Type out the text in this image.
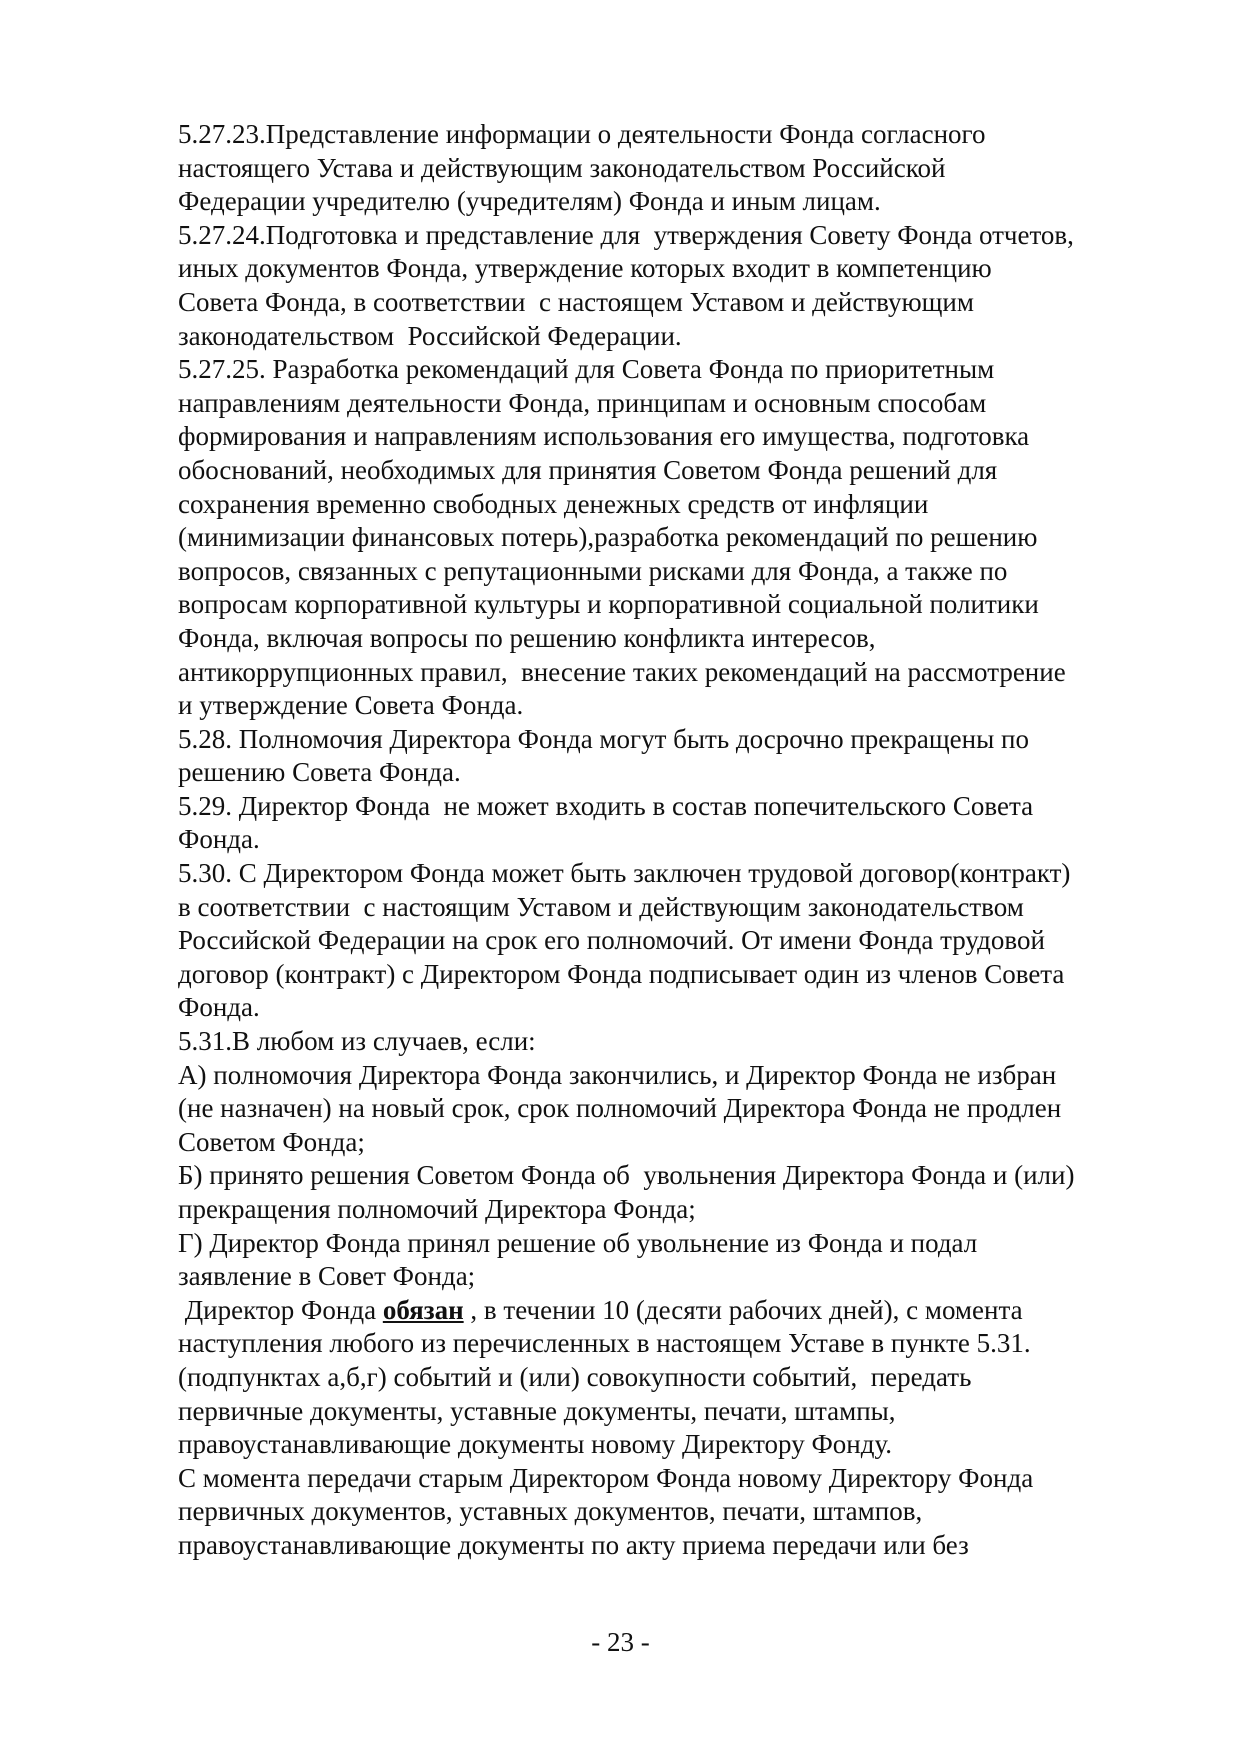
5.27.23.Представление информации о деятельности Фонда согласного
настоящего Устава и действующим законодательством Российской
Федерации учредителю (учредителям) Фонда и иным лицам.
5.27.24.Подготовка и представление для  утверждения Совету Фонда отчетов,
иных документов Фонда, утверждение которых входит в компетенцию
Совета Фонда, в соответствии  с настоящем Уставом и действующим
законодательством  Российской Федерации.
5.27.25. Разработка рекомендаций для Совета Фонда по приоритетным
направлениям деятельности Фонда, принципам и основным способам
формирования и направлениям использования его имущества, подготовка
обоснований, необходимых для принятия Советом Фонда решений для
сохранения временно свободных денежных средств от инфляции
(минимизации финансовых потерь),разработка рекомендаций по решению
вопросов, связанных с репутационными рисками для Фонда, а также по
вопросам корпоративной культуры и корпоративной социальной политики
Фонда, включая вопросы по решению конфликта интересов,
антикоррупционных правил,  внесение таких рекомендаций на рассмотрение
и утверждение Совета Фонда.
5.28. Полномочия Директора Фонда могут быть досрочно прекращены по
решению Совета Фонда.
5.29. Директор Фонда  не может входить в состав попечительского Совета
Фонда.
5.30. С Директором Фонда может быть заключен трудовой договор(контракт)
в соответствии  с настоящим Уставом и действующим законодательством
Российской Федерации на срок его полномочий. От имени Фонда трудовой
договор (контракт) с Директором Фонда подписывает один из членов Совета
Фонда.
5.31.В любом из случаев, если:
А) полномочия Директора Фонда закончились, и Директор Фонда не избран
(не назначен) на новый срок, срок полномочий Директора Фонда не продлен
Советом Фонда;
Б) принято решения Советом Фонда об  увольнения Директора Фонда и (или)
прекращения полномочий Директора Фонда;
Г) Директор Фонда принял решение об увольнение из Фонда и подал
заявление в Совет Фонда;
Директор Фонда обязан , в течении 10 (десяти рабочих дней), с момента
наступления любого из перечисленных в настоящем Уставе в пункте 5.31.
(подпунктах а,б,г) событий и (или) совокупности событий,  передать
первичные документы, уставные документы, печати, штампы,
правоустанавливающие документы новому Директору Фонду.
С момента передачи старым Директором Фонда новому Директору Фонда
первичных документов, уставных документов, печати, штампов,
правоустанавливающие документы по акту приема передачи или без
- 23 -
